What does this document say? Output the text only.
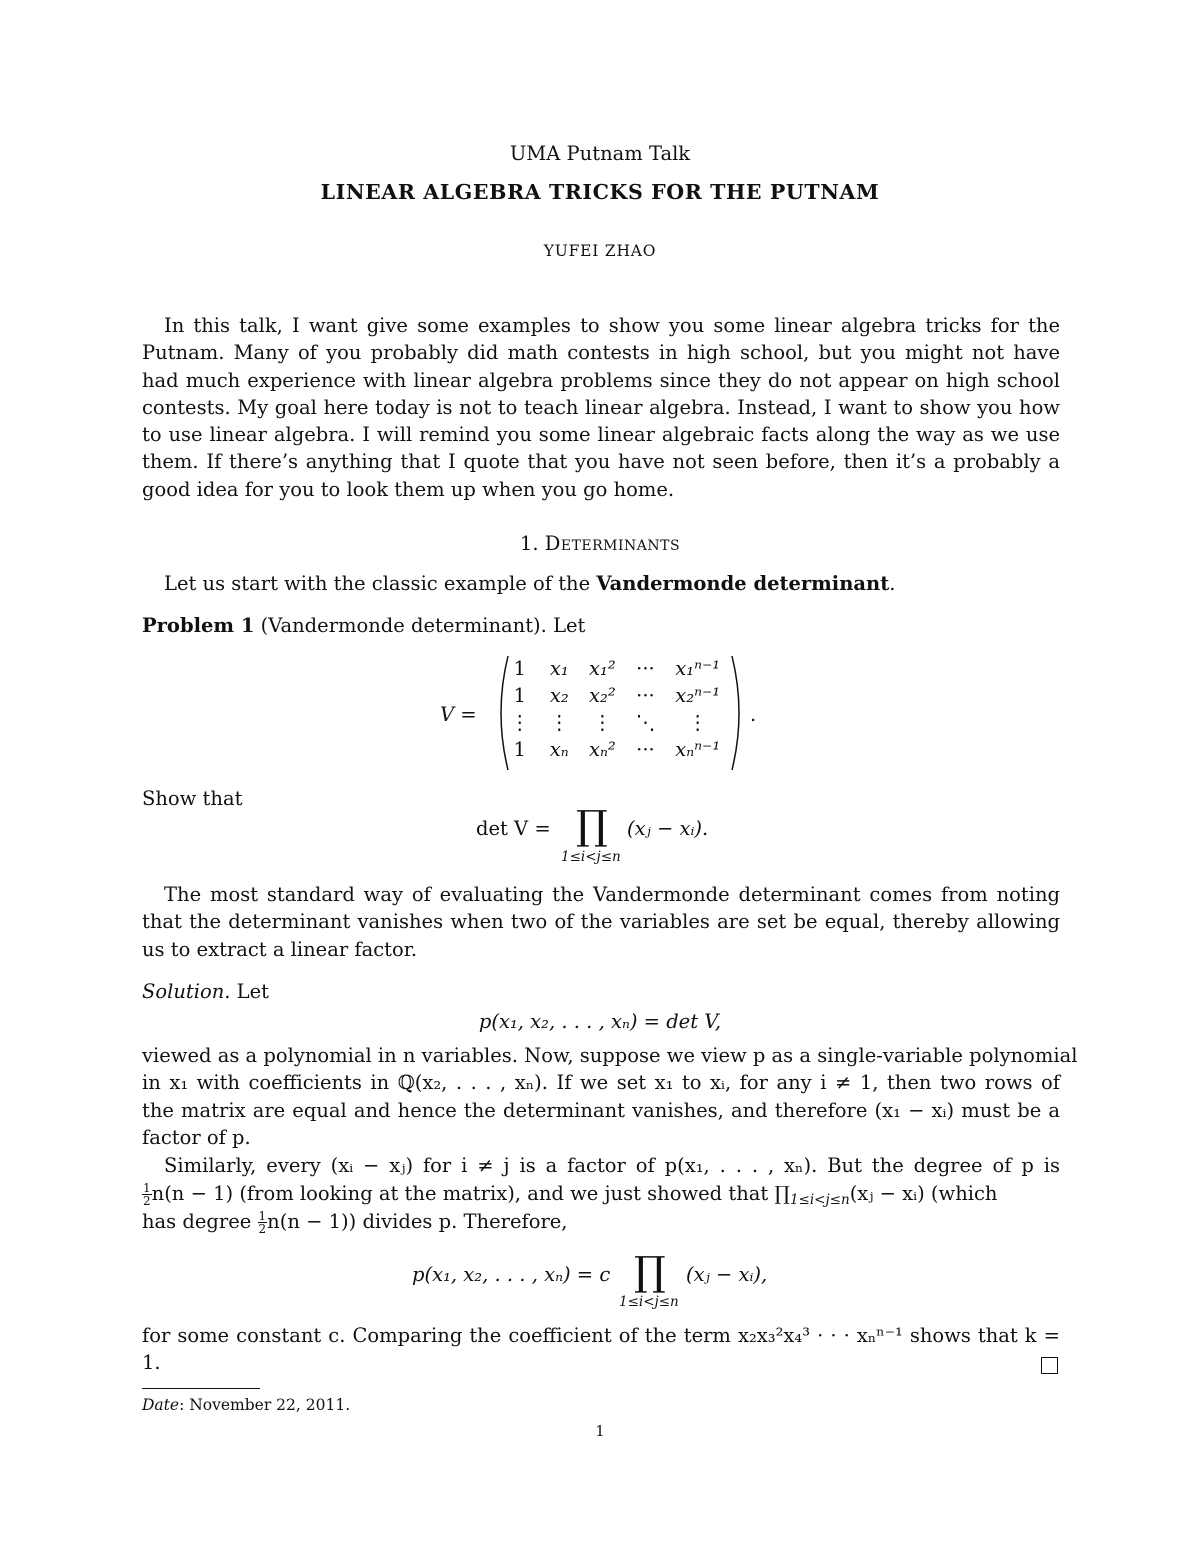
UMA Putnam Talk
LINEAR ALGEBRA TRICKS FOR THE PUTNAM
YUFEI ZHAO
In this talk, I want give some examples to show you some linear algebra tricks for the
Putnam. Many of you probably did math contests in high school, but you might not have
had much experience with linear algebra problems since they do not appear on high school
contests. My goal here today is not to teach linear algebra. Instead, I want to show you how
to use linear algebra. I will remind you some linear algebraic facts along the way as we use
them. If there’s anything that I quote that you have not seen before, then it’s a probably a
good idea for you to look them up when you go home.
1. Determinants
Let us start with the classic example of the Vandermonde determinant.
Problem 1 (Vandermonde determinant). Let
V =
1	x₁	x₁²	···	x₁ⁿ⁻¹
1	x₂	x₂²	···	x₂ⁿ⁻¹
⋮	⋮	⋮	⋱	⋮
1	xₙ	xₙ²	···	xₙⁿ⁻¹
.
Show that
det V = ∏
1≤i<j≤n
(xⱼ − xᵢ).
The most standard way of evaluating the Vandermonde determinant comes from noting
that the determinant vanishes when two of the variables are set be equal, thereby allowing
us to extract a linear factor.
Solution. Let
p(x₁, x₂, . . . , xₙ) = det V,
viewed as a polynomial in n variables. Now, suppose we view p as a single-variable polynomial
in x₁ with coefficients in ℚ(x₂, . . . , xₙ). If we set x₁ to xᵢ, for any i ≠ 1, then two rows of
the matrix are equal and hence the determinant vanishes, and therefore (x₁ − xᵢ) must be a
factor of p.
Similarly, every (xᵢ − xⱼ) for i ≠ j is a factor of p(x₁, . . . , xₙ). But the degree of p is
$\frac{1}{2} n(n - 1)$ (from looking at the matrix), and we just showed that $\prod_{1\le i<j\le n}(xⱼ$ − xᵢ) (which
has degree $\frac{1}{2} n(n - 1)$) divides p. Therefore,
p(x₁, x₂, . . . , xₙ) = c ∏
1≤i<j≤n
(xⱼ − xᵢ),
for some constant c. Comparing the coefficient of the term x₂x₃²x₄³ · · · xₙⁿ⁻¹ shows that k =
1.
Date: November 22, 2011.
1
